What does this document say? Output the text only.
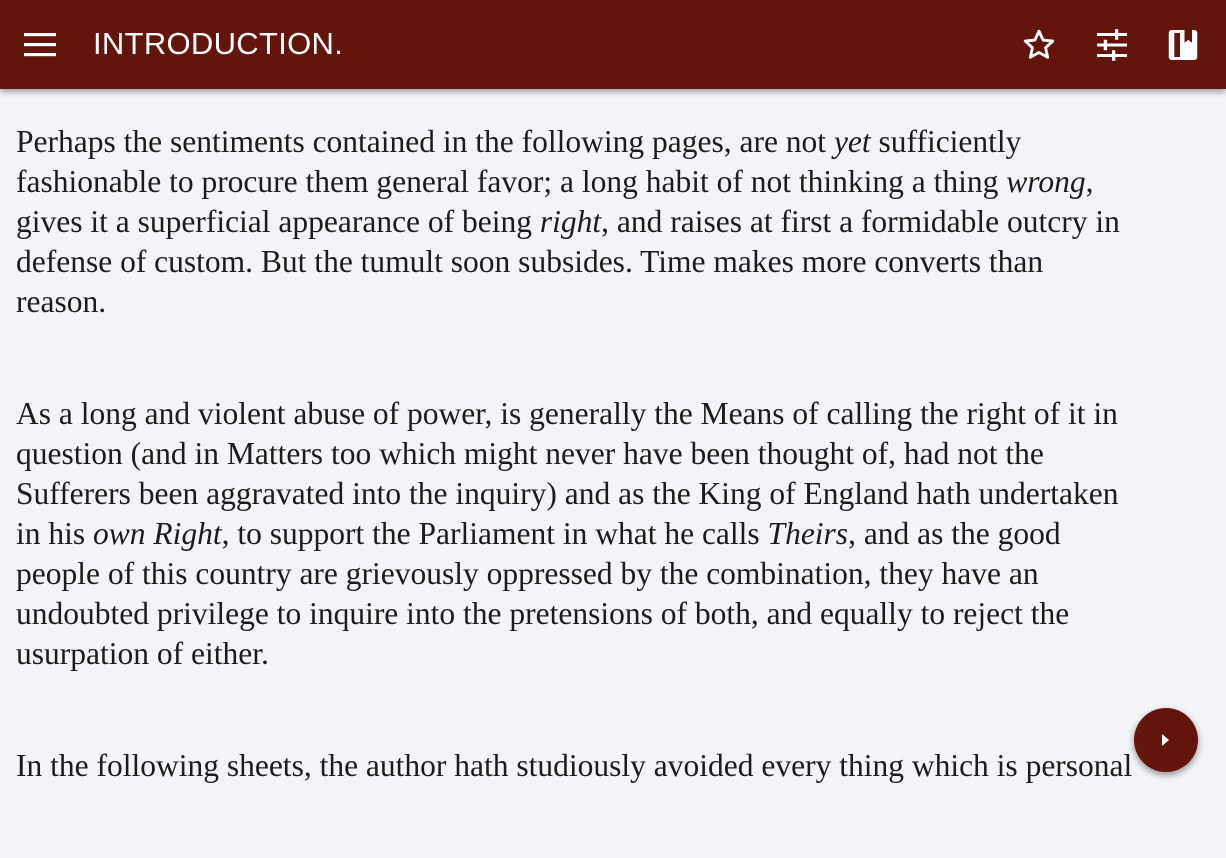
INTRODUCTION.

Perhaps the sentiments contained in the following pages, are not yet sufficiently
fashionable to procure them general favor; a long habit of not thinking a thing wrong,
gives it a superficial appearance of being right, and raises at first a formidable outcry in
defense of custom. But the tumult soon subsides. Time makes more converts than
reason.

As a long and violent abuse of power, is generally the Means of calling the right of it in
question (and in Matters too which might never have been thought of, had not the
Sufferers been aggravated into the inquiry) and as the King of England hath undertaken
in his own Right, to support the Parliament in what he calls Theirs, and as the good
people of this country are grievously oppressed by the combination, they have an
undoubted privilege to inquire into the pretensions of both, and equally to reject the
usurpation of either.

In the following sheets, the author hath studiously avoided every thing which is personal
